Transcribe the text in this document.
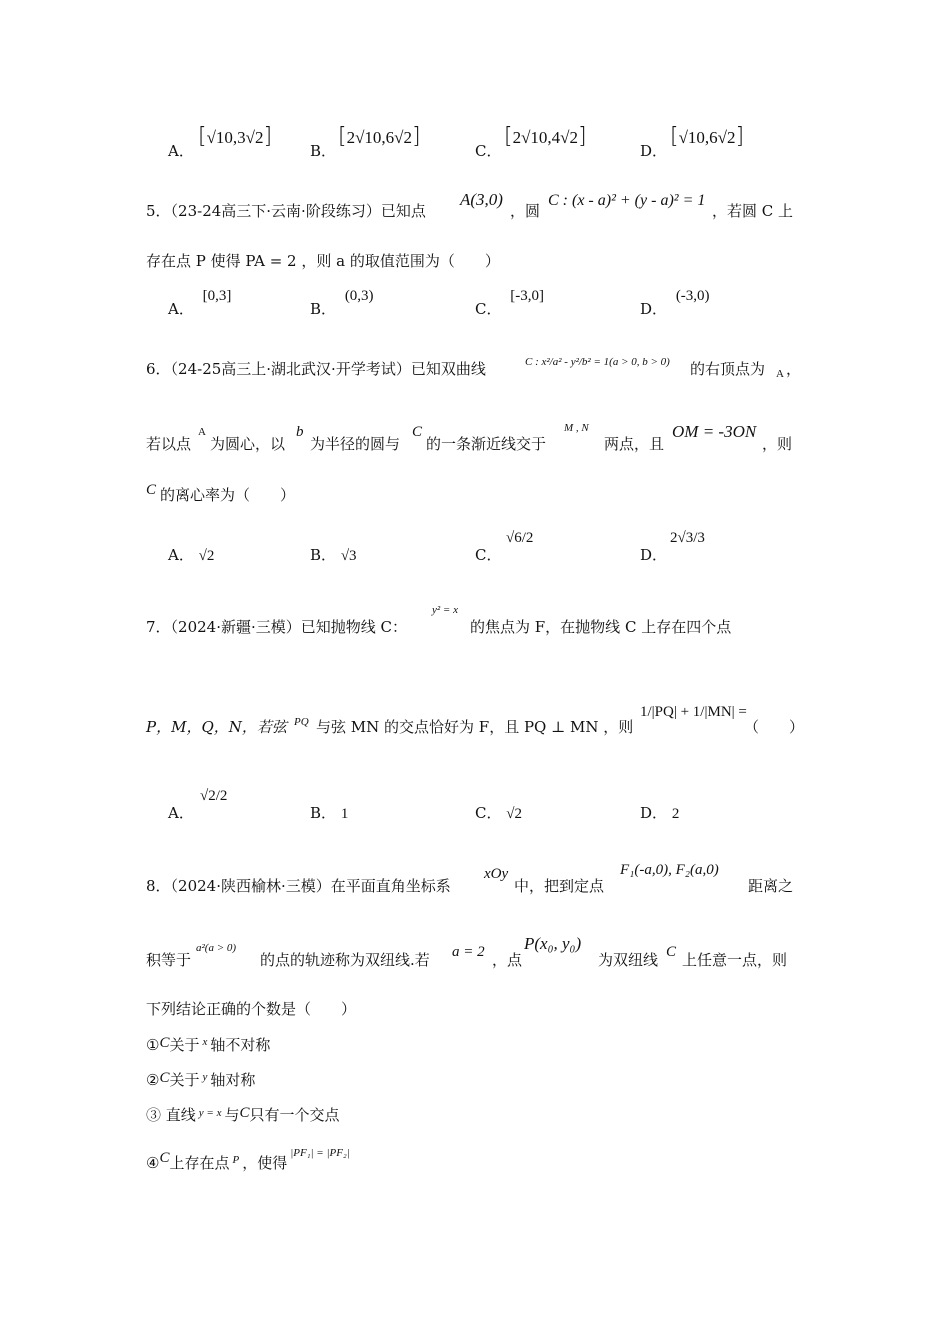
A．
[√10,3√2]
B．
[2√10,6√2]
C．
[2√10,4√2]
D．
[√10,6√2]
5．（23-24高三下·云南·阶段练习）已知点
A(3,0)
，圆
C : (x - a)² + (y - a)² = 1
，若圆 C 上
存在点 P 使得 PA = 2 ，则 a 的取值范围为（　　）
A． [0,3]
B． (0,3)
C． [-3,0]
D． (-3,0)
6．（24-25高三上·湖北武汉·开学考试）已知双曲线	C : x²/a² - y²/b² = 1(a > 0, b > 0) 的右顶点为 A ，
若以点
A
为圆心，以
b
为半径的圆与
C
的一条渐近线交于
M , N
两点，且
OM = -3ON
，则
C 的离心率为（　　）
A． √2	B． √3	C．
√6/2
D．
2√3/3
7．（2024·新疆·三模）已知抛物线 C：
y² = x
的焦点为 F，在抛物线 C 上存在四个点
P，M，Q，N，若弦 PQ 与弦 MN 的交点恰好为 F，且 PQ ⊥ MN ，则
1/|PQ| + 1/|MN| =
（　　）
A．
√2/2
B． 1	C． √2	D． 2
8．（2024·陕西榆林·三模）在平面直角坐标系
xOy
中，把到定点
F₁(-a,0), F₂(a,0)
距离之
积等于
a²(a > 0)
的点的轨迹称为双纽线.若 a = 2 ，点
P(x₀, y₀)
为双纽线 C 上任意一点，则
下列结论正确的个数是（　　）
①C关于 $^x$ 轴不对称
②C关于 $^y$ 轴对称
③ 直线 $^{y = x}$ 与C只有一个交点
④C上存在点 $^P$ ，使得$^{|PF_1| = |PF_2|}$
